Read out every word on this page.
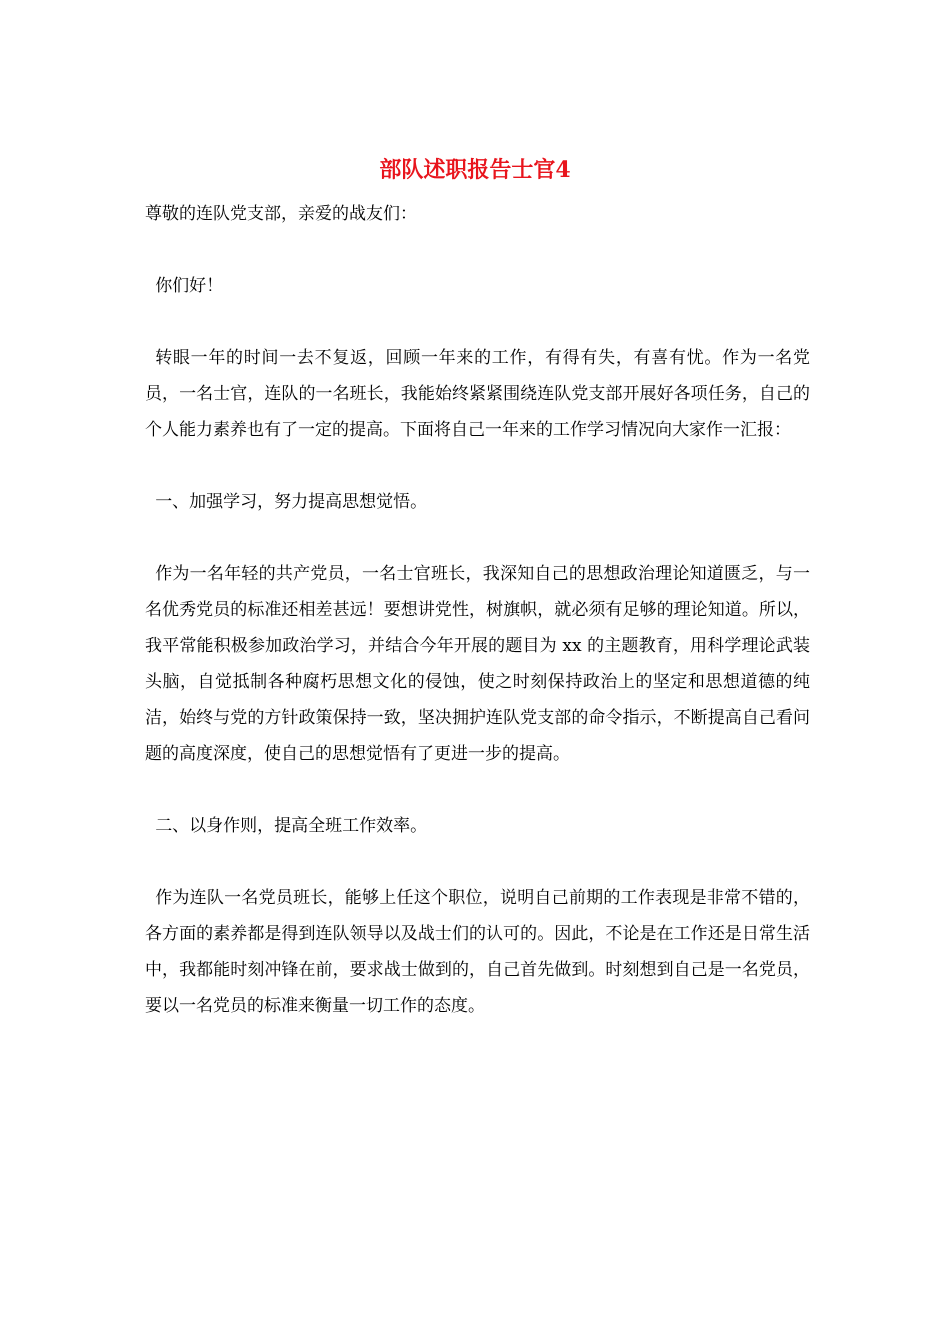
部队述职报告士官4

尊敬的连队党支部，亲爱的战友们：

你们好！

转眼一年的时间一去不复返，回顾一年来的工作，有得有失，有喜有忧。作为一名党员，一名士官，连队的一名班长，我能始终紧紧围绕连队党支部开展好各项任务，自己的个人能力素养也有了一定的提高。下面将自己一年来的工作学习情况向大家作一汇报：

一、加强学习，努力提高思想觉悟。

作为一名年轻的共产党员，一名士官班长，我深知自己的思想政治理论知道匮乏，与一名优秀党员的标准还相差甚远！要想讲党性，树旗帜，就必须有足够的理论知道。所以，我平常能积极参加政治学习，并结合今年开展的题目为 xx 的主题教育，用科学理论武装头脑，自觉抵制各种腐朽思想文化的侵蚀，使之时刻保持政治上的坚定和思想道德的纯洁，始终与党的方针政策保持一致，坚决拥护连队党支部的命令指示，不断提高自己看问题的高度深度，使自己的思想觉悟有了更进一步的提高。

二、以身作则，提高全班工作效率。

作为连队一名党员班长，能够上任这个职位，说明自己前期的工作表现是非常不错的，各方面的素养都是得到连队领导以及战士们的认可的。因此，不论是在工作还是日常生活中，我都能时刻冲锋在前，要求战士做到的，自己首先做到。时刻想到自己是一名党员，要以一名党员的标准来衡量一切工作的态度。
